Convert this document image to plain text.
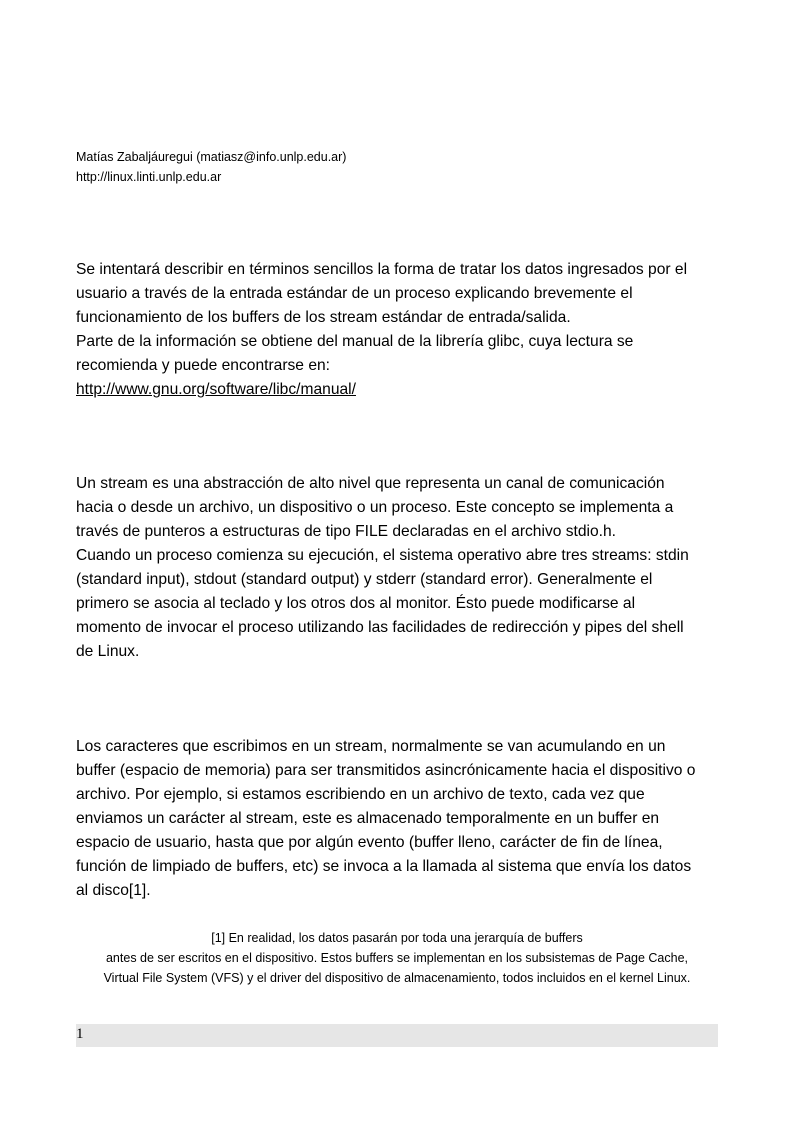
Matías Zabaljáuregui (matiasz@info.unlp.edu.ar)
http://linux.linti.unlp.edu.ar
Se intentará describir en términos sencillos la forma de tratar los datos ingresados por el
usuario a través de la entrada estándar de un proceso explicando brevemente el
funcionamiento de los buffers de los stream estándar de entrada/salida.
Parte de la información se obtiene del manual de la librería glibc, cuya lectura se
recomienda y puede encontrarse en:
http://www.gnu.org/software/libc/manual/
Un stream es una abstracción de alto nivel que representa un canal de comunicación
hacia o desde un archivo, un dispositivo o un proceso. Este concepto se implementa a
través de punteros a estructuras de tipo FILE declaradas en el archivo stdio.h.
Cuando un proceso comienza su ejecución, el sistema operativo abre tres streams: stdin
(standard input), stdout (standard output) y stderr (standard error). Generalmente el
primero se asocia al teclado y los otros dos al monitor. Ésto puede modificarse al
momento de invocar el proceso utilizando las facilidades de redirección y pipes del shell
de Linux.
Los caracteres que escribimos en un stream, normalmente se van acumulando en un
buffer (espacio de memoria) para ser transmitidos asincrónicamente hacia el dispositivo o
archivo. Por ejemplo, si estamos escribiendo en un archivo de texto, cada vez que
enviamos un carácter al stream, este es almacenado temporalmente en un buffer en
espacio de usuario, hasta que por algún evento (buffer lleno, carácter de fin de línea,
función de limpiado de buffers, etc) se invoca a la llamada al sistema que envía los datos
al disco[1].
[1] En realidad, los datos pasarán por toda una jerarquía de buffers
antes de ser escritos en el dispositivo. Estos buffers se implementan en los subsistemas de Page Cache,
Virtual File System (VFS) y el driver del dispositivo de almacenamiento, todos incluidos en el kernel Linux.
1
